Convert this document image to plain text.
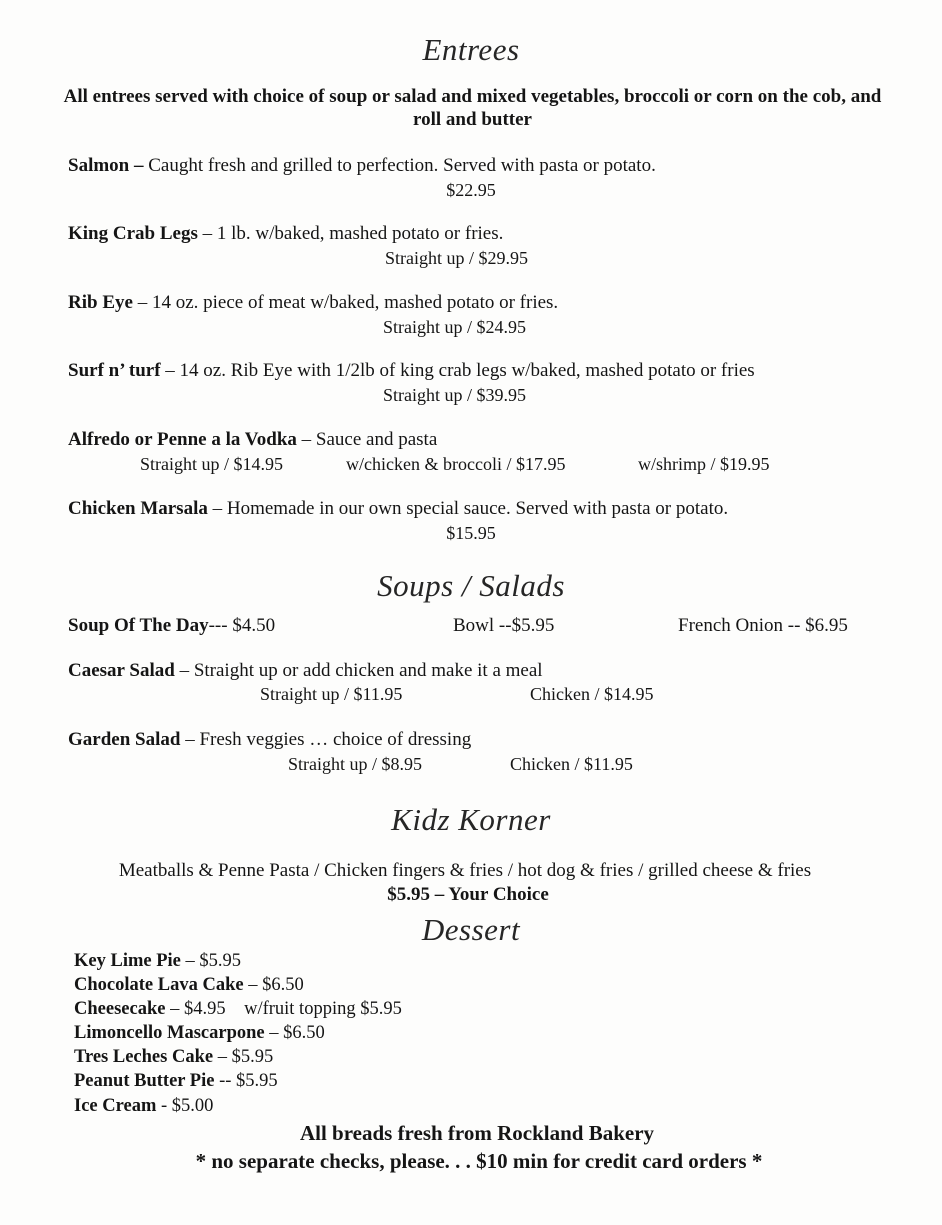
Entrees
All entrees served with choice of soup or salad and mixed vegetables, broccoli or corn on the cob, and roll and butter
Salmon – Caught fresh and grilled to perfection. Served with pasta or potato.
$22.95
King Crab Legs – 1 lb. w/baked, mashed potato or fries.
Straight up / $29.95
Rib Eye – 14 oz. piece of meat w/baked, mashed potato or fries.
Straight up / $24.95
Surf n’ turf – 14 oz. Rib Eye with 1/2lb of king crab legs w/baked, mashed potato or fries
Straight up / $39.95
Alfredo or Penne a la Vodka – Sauce and pasta
Straight up / $14.95	w/chicken & broccoli / $17.95	w/shrimp / $19.95
Chicken Marsala – Homemade in our own special sauce. Served with pasta or potato.
$15.95
Soups / Salads
Soup Of The Day--- $4.50	Bowl --$5.95	French Onion -- $6.95
Caesar Salad – Straight up or add chicken and make it a meal
Straight up / $11.95	Chicken / $14.95
Garden Salad – Fresh veggies … choice of dressing
Straight up / $8.95	Chicken / $11.95
Kidz Korner
Meatballs & Penne Pasta / Chicken fingers & fries / hot dog & fries / grilled cheese & fries
$5.95 – Your Choice
Dessert
Key Lime Pie – $5.95
Chocolate Lava Cake – $6.50
Cheesecake – $4.95    w/fruit topping $5.95
Limoncello Mascarpone – $6.50
Tres Leches Cake – $5.95
Peanut Butter Pie -- $5.95
Ice Cream - $5.00
All breads fresh from Rockland Bakery
* no separate checks, please. . . $10 min for credit card orders *
